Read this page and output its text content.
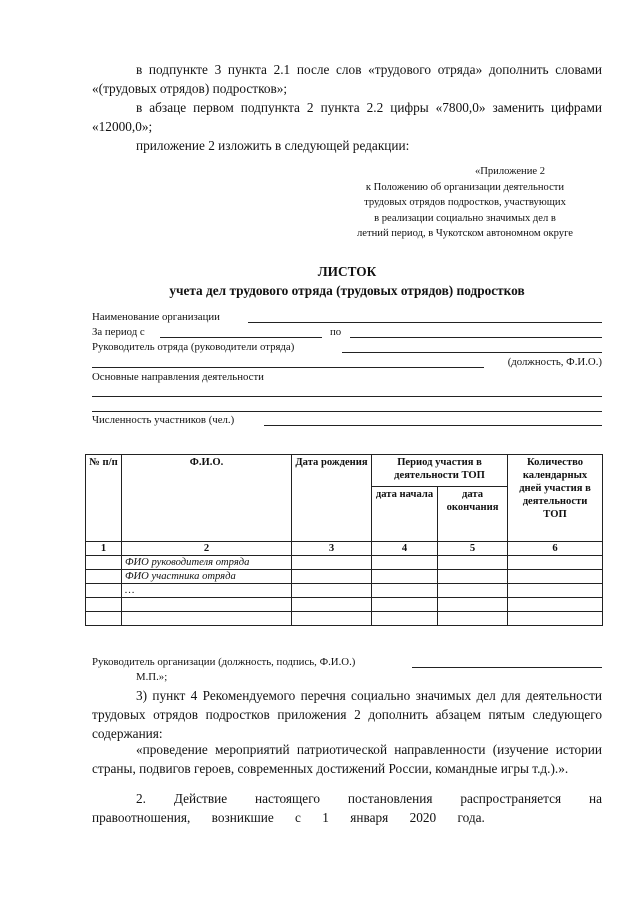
в подпункте 3 пункта 2.1 после слов «трудового отряда» дополнить словами «(трудовых отрядов) подростков»;
в абзаце первом подпункта 2 пункта 2.2 цифры «7800,0» заменить цифрами «12000,0»;
приложение 2 изложить в следующей редакции:
«Приложение 2
к Положению об организации деятельности
трудовых отрядов подростков, участвующих
в реализации социально значимых дел в
летний период, в Чукотском автономном округе
ЛИСТОК
учета дел трудового отряда (трудовых отрядов) подростков
Наименование организации
За период с	по
Руководитель отряда (руководители отряда)
(должность, Ф.И.О.)
Основные направления деятельности
Численность участников (чел.)
№ п/п	Ф.И.О.	Дата рождения	Период участия в деятельности ТОП		Количество календарных дней участия в деятельности ТОП
			дата начала	дата окончания	
1	2	3	4	5	6
	ФИО руководителя отряда				
	ФИО участника отряда				
	…				

Руководитель организации (должность, подпись, Ф.И.О.)
М.П.»;
3) пункт 4 Рекомендуемого перечня социально значимых дел для деятельности трудовых отрядов подростков приложения 2 дополнить абзацем пятым следующего содержания:
«проведение мероприятий патриотической направленности (изучение истории страны, подвигов героев, современных достижений России, командные игры т.д.).».
2. Действие настоящего постановления распространяется на правоотношения, возникшие с 1 января 2020 года.
